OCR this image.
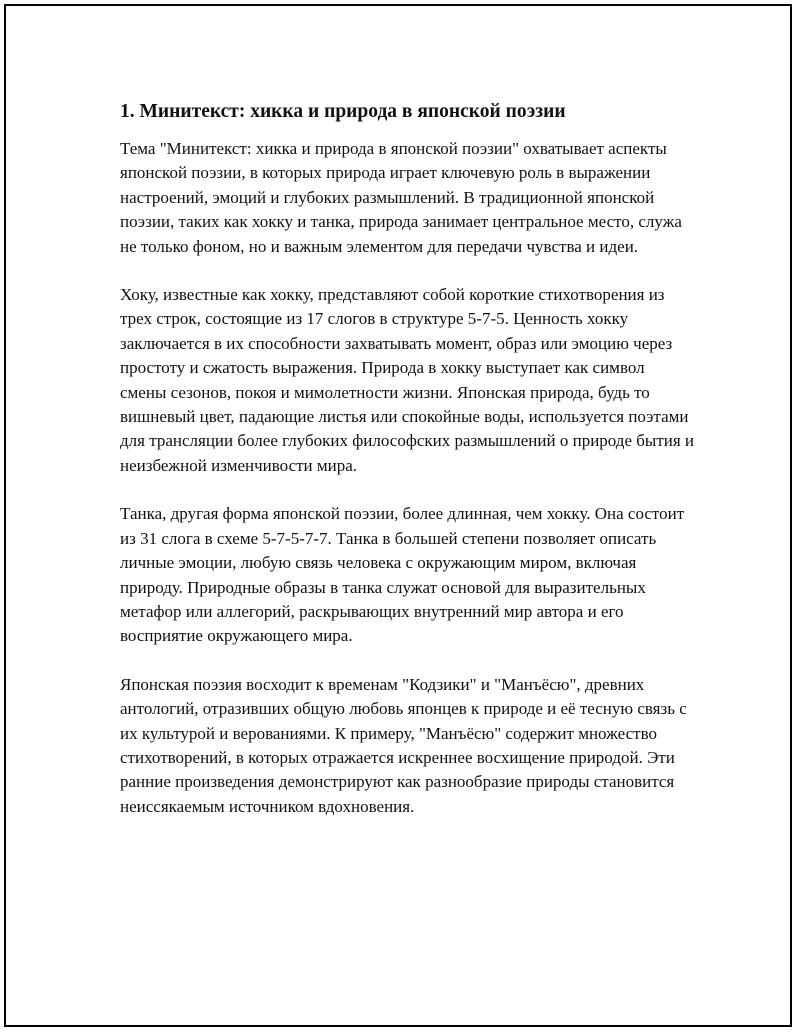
1. Минитекст: хикка и природа в японской поэзии

Тема "Минитекст: хикка и природа в японской поэзии" охватывает аспекты японской поэзии, в которых природа играет ключевую роль в выражении настроений, эмоций и глубоких размышлений. В традиционной японской поэзии, таких как хокку и танка, природа занимает центральное место, служа не только фоном, но и важным элементом для передачи чувства и идеи.

Хоку, известные как хокку, представляют собой короткие стихотворения из трех строк, состоящие из 17 слогов в структуре 5-7-5. Ценность хокку заключается в их способности захватывать момент, образ или эмоцию через простоту и сжатость выражения. Природа в хокку выступает как символ смены сезонов, покоя и мимолетности жизни. Японская природа, будь то вишневый цвет, падающие листья или спокойные воды, используется поэтами для трансляции более глубоких философских размышлений о природе бытия и неизбежной изменчивости мира.

Танка, другая форма японской поэзии, более длинная, чем хокку. Она состоит из 31 слога в схеме 5-7-5-7-7. Танка в большей степени позволяет описать личные эмоции, любую связь человека с окружающим миром, включая природу. Природные образы в танка служат основой для выразительных метафор или аллегорий, раскрывающих внутренний мир автора и его восприятие окружающего мира.

Японская поэзия восходит к временам "Кодзики" и "Манъёсю", древних антологий, отразивших общую любовь японцев к природе и её тесную связь с их культурой и верованиями. К примеру, "Манъёсю" содержит множество стихотворений, в которых отражается искреннее восхищение природой. Эти ранние произведения демонстрируют как разнообразие природы становится неиссякаемым источником вдохновения.
